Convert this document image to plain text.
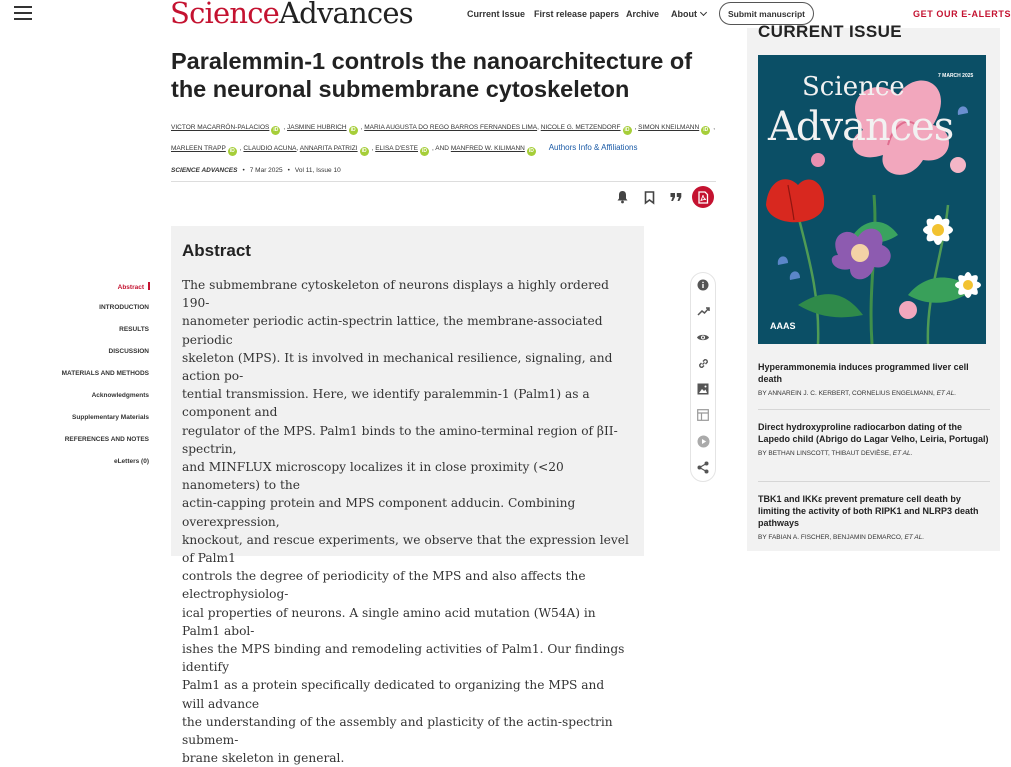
ScienceAdvances	Current Issue First release papers Archive About	Submit manuscript	GET OUR E-ALERTS
Abstract
INTRODUCTION
RESULTS
DISCUSSION
MATERIALS AND METHODS
Acknowledgments
Supplementary Materials
REFERENCES AND NOTES
eLetters (0)
Paralemmin-1 controls the nanoarchitecture of the neuronal submembrane cytoskeleton
VICTOR MACARRÓN-PALACIOS iD , JASMINE HUBRICH iD , MARIA AUGUSTA DO REGO BARROS FERNANDES LIMA, NICOLE G. METZENDORF iD , SIMON KNEILMANN iD ,
MARLEEN TRAPP iD , CLAUDIO ACUNA, ANNARITA PATRIZI iD , ELISA D'ESTE iD , AND MANFRED W. KILIMANN iD Authors Info & Affiliations
SCIENCE ADVANCES • 7 Mar 2025 • Vol 11, Issue 10
Abstract
The submembrane cytoskeleton of neurons displays a highly ordered 190-
nanometer periodic actin-spectrin lattice, the membrane-associated periodic
skeleton (MPS). It is involved in mechanical resilience, signaling, and action po-
tential transmission. Here, we identify paralemmin-1 (Palm1) as a component and
regulator of the MPS. Palm1 binds to the amino-terminal region of βII-spectrin,
and MINFLUX microscopy localizes it in close proximity (<20 nanometers) to the
actin-capping protein and MPS component adducin. Combining overexpression,
knockout, and rescue experiments, we observe that the expression level of Palm1
controls the degree of periodicity of the MPS and also affects the electrophysiolog-
ical properties of neurons. A single amino acid mutation (W54A) in Palm1 abol-
ishes the MPS binding and remodeling activities of Palm1. Our findings identify
Palm1 as a protein specifically dedicated to organizing the MPS and will advance
the understanding of the assembly and plasticity of the actin-spectrin submem-
brane skeleton in general.
CURRENT ISSUE
Science
Advances
7 MARCH 2025
AAAS
Hyperammonemia induces programmed liver cell death
BY ANNAREIN J. C. KERBERT, CORNELIUS ENGELMANN, ET AL.
Direct hydroxyproline radiocarbon dating of the Lapedo child (Abrigo do Lagar Velho, Leiria, Portugal)
BY BETHAN LINSCOTT, THIBAUT DEVIÈSE, ET AL.
TBK1 and IKKε prevent premature cell death by limiting the activity of both RIPK1 and NLRP3 death pathways
BY FABIAN A. FISCHER, BENJAMIN DEMARCO, ET AL.
